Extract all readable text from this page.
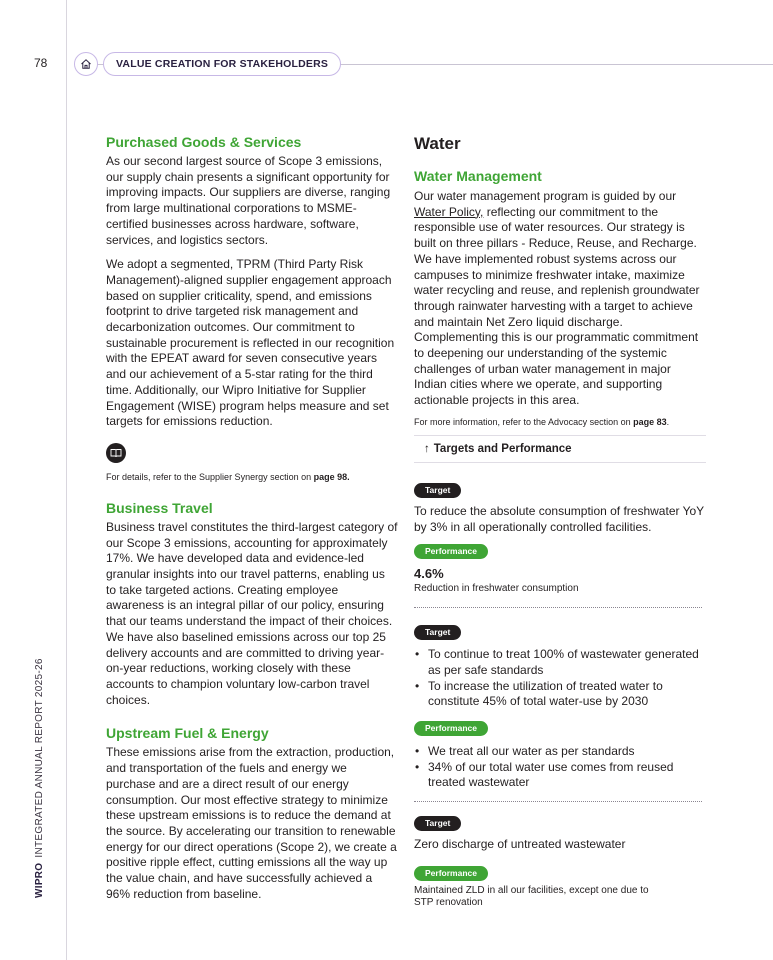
78	VALUE CREATION FOR STAKEHOLDERS
WIPROINTEGRATED ANNUAL REPORT 2025-26
Purchased Goods & Services
As our second largest source of Scope 3 emissions, our supply chain presents a significant opportunity for improving impacts. Our suppliers are diverse, ranging from large multinational corporations to MSME-certified businesses across hardware, software, services, and logistics sectors.
We adopt a segmented, TPRM (Third Party Risk Management)-aligned supplier engagement approach based on supplier criticality, spend, and emissions footprint to drive targeted risk management and decarbonization outcomes. Our commitment to sustainable procurement is reflected in our recognition with the EPEAT award for seven consecutive years and our achievement of a 5-star rating for the third time. Additionally, our Wipro Initiative for Supplier Engagement (WISE) program helps measure and set targets for emissions reduction.
For details, refer to the Supplier Synergy section on page 98.
Business Travel
Business travel constitutes the third-largest category of our Scope 3 emissions, accounting for approximately 17%. We have developed data and evidence-led granular insights into our travel patterns, enabling us to take targeted actions. Creating employee awareness is an integral pillar of our policy, ensuring that our teams understand the impact of their choices. We have also baselined emissions across our top 25 delivery accounts and are committed to driving year-on-year reductions, working closely with these accounts to champion voluntary low-carbon travel choices.
Upstream Fuel & Energy
These emissions arise from the extraction, production, and transportation of the fuels and energy we purchase and are a direct result of our energy consumption. Our most effective strategy to minimize these upstream emissions is to reduce the demand at the source. By accelerating our transition to renewable energy for our direct operations (Scope 2), we create a positive ripple effect, cutting emissions all the way up the value chain, and have successfully achieved a 96% reduction from baseline.
Water
Water Management
Our water management program is guided by our Water Policy, reflecting our commitment to the responsible use of water resources. Our strategy is built on three pillars - Reduce, Reuse, and Recharge. We have implemented robust systems across our campuses to minimize freshwater intake, maximize water recycling and reuse, and replenish groundwater through rainwater harvesting with a target to achieve and maintain Net Zero liquid discharge. Complementing this is our programmatic commitment to deepening our understanding of the systemic challenges of urban water management in major Indian cities where we operate, and supporting actionable projects in this area.
For more information, refer to the Advocacy section on page 83.
↑ Targets and Performance
Target
To reduce the absolute consumption of freshwater YoY by 3% in all operationally controlled facilities.
Performance
4.6%
Reduction in freshwater consumption
Target
• To continue to treat 100% of wastewater generated as per safe standards
• To increase the utilization of treated water to constitute 45% of total water-use by 2030
Performance
• We treat all our water as per standards
• 34% of our total water use comes from reused treated wastewater
Target
Zero discharge of untreated wastewater
Performance
Maintained ZLD in all our facilities, except one due to STP renovation
